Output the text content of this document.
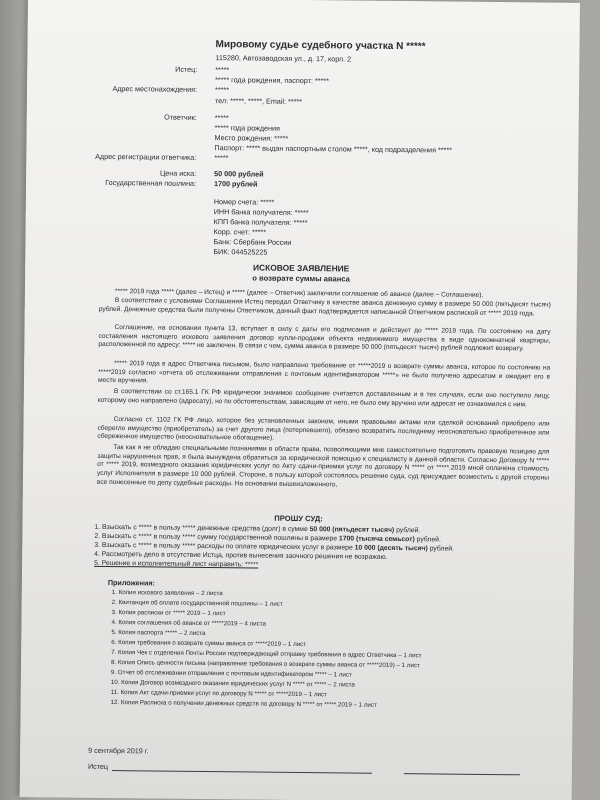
Мировому судье судебного участка N *****
115280, Автозаводская ул., д. 17, корп. 2
Истец: *****
***** года рождения, паспорт: *****
Адрес местонахождения: *****
тел: *****, *****, Email: *****
Ответчик: *****
***** года рождения
Место рождения: *****
Паспорт: ***** выдан паспортным столом *****, код подразделения *****
Адрес регистрации ответчика: *****
Цена иска: 50 000 рублей
Государственная пошлина: 1700 рублей
Номер счета: *****
ИНН банка получателя: *****
КПП банка получателя: *****
Корр. счет: *****
Банк: Сбербанк России
БИК: 044525225
ИСКОВОЕ ЗАЯВЛЕНИЕ
о возврате суммы аванса
***** 2019 года ***** (далее – Истец) и ***** (далее – Ответчик) заключили соглашение об авансе (далее – Соглашение).
В соответствии с условиями Соглашения Истец передал Ответчику в качестве аванса денежную сумму в размере 50 000 (пятьдесят тысяч) рублей. Денежные средства были получены Ответчиком, данный факт подтверждается написанной Ответчиком распиской от ***** 2019 года.
Соглашение, на основании пункта 13, вступает в силу с даты его подписания и действует до ***** 2019 года. По состоянию на дату составления настоящего искового заявления договор купли-продажи объекта недвижимого имущества в виде однокомнатной квартиры, расположенной по адресу: ***** не заключен. В связи с чем, сумма аванса в размере 50 000 (пятьдесят тысяч) рублей подлежит возврату.
***** 2019 года в адрес Ответчика письмом, было направлено требование от *****2019 о возврате суммы аванса, которое по состоянию на *****2019 согласно «отчета об отслеживании отправления с почтовым идентификатором *****» не было получено адресатом и ожидает его в месте вручения.
В соответствии со ст.165.1 ГК РФ юридически значимое сообщение считается доставленным и в тех случаях, если оно поступило лицу, которому оно направлено (адресату), но по обстоятельствам, зависящим от него, не было ему вручено или адресат не ознакомился с ним.
Согласно ст. 1102 ГК РФ лицо, которое без установленных законом, иными правовыми актами или сделкой оснований приобрело или сберегло имущество (приобретатель) за счет другого лица (потерпевшего), обязано возвратить последнему неосновательно приобретенное или сбереженное имущество (неосновательное обогащение).
Так как я не обладаю специальными познаниями в области права, позволяющими мне самостоятельно подготовить правовую позицию для защиты нарушенных прав, я была вынуждена обратиться за юридической помощью к специалисту в данной области. Согласно Договору N ***** от ***** 2019, возмездного оказания юридических услуг по Акту сдачи-приемки услуг по договору N ***** от *****.2019 мной оплачена стоимость услуг Исполнителя в размере 10 000 рублей. Стороне, в пользу которой состоялось решение суда, суд присуждает возместить с другой стороны все понесенные по делу судебные расходы. На основании вышеизложенного,
ПРОШУ СУД:
1. Взыскать с ***** в пользу ***** денежные средства (долг) в сумме 50 000 (пятьдесят тысяч) рублей.
2. Взыскать с ***** в пользу ***** сумму государственной пошлины в размере 1700 (тысяча семьсот) рублей.
3. Взыскать с ***** в пользу ***** расходы по оплате юридических услуг в размере 10 000 (десять тысяч) рублей.
4. Рассмотреть дело в отсутствие Истца, против вынесения заочного решения не возражаю.
5. Решение и исполнительный лист направить: *****
Приложения:
1. Копия искового заявления – 2 листа
2. Квитанция об оплате государственной пошлины – 1 лист
3. Копия расписки от ***** 2019 – 1 лист
4. Копия соглашения об авансе от *****2019 – 4 листа
5. Копия паспорта ***** – 2 листа
6. Копия требования о возврате суммы аванса от *****2019 – 1 лист
7. Копия Чек с отделения Почты России подтверждающий отправку требования в адрес Ответчика – 1 лист
8. Копия Опись ценности письма (направление требования о возврате суммы аванса от *****2019) – 1 лист
9. Отчет об отслеживании отправления с почтовым идентификатором ***** – 1 лист
10. Копия Договор возмездного оказания юридических услуг N ***** от ***** – 2 листа
11. Копия Акт сдачи-приемки услуг по договору N ***** от *****2019 – 1 лист
12. Копия Расписка о получении денежных средств по договору N ***** от *****.2019 – 1 лист
9 сентября 2019 г.
Истец
